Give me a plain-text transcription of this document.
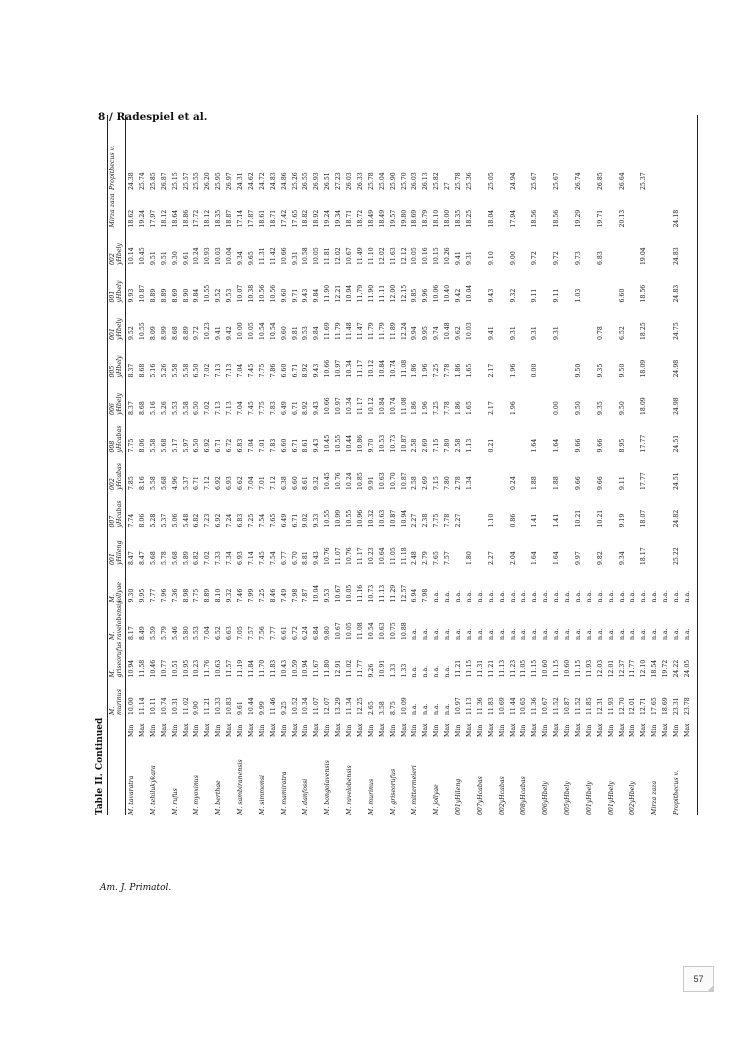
8 / Radespiel et al.
Table II. Continued
M. murinus
M. griseorufus
M. ravelobensis
M. jollyae
001 yHileng
007 yHcabas
002 yHcabas
008 yHcabas
006 yHbely
005 yHbely
001 yHbely
001 yHbely
002 yHbely
Mirza zaza
Propithecus v.
M. tavaratra
Min
10.00
10.94
8.17
9.30
8.47
7.74
7.85
7.75
8.37
8.37
9.52
9.93
10.14
18.62
24.38
Max
11.14
11.58
8.49
9.95
8.47
8.06
8.16
8.06
8.68
8.68
10.55
10.87
10.45
19.24
25.74
M. tehilukykara
Min
10.11
10.46
5.59
7.77
5.68
5.28
5.58
5.58
5.16
5.16
8.09
8.89
9.51
17.97
25.85
Max
10.74
10.77
5.79
7.96
5.78
5.37
5.68
5.68
5.26
5.26
8.99
8.89
9.51
18.12
26.87
M. rufus
Min
10.31
10.51
5.46
7.36
5.68
5.06
4.96
5.17
5.53
5.58
8.68
8.69
9.30
18.64
25.15
Max
11.02
10.95
5.80
8.98
5.89
5.48
5.37
5.97
5.58
5.58
8.89
8.90
9.61
18.86
25.57
M. myoxinus
Min
9.90
10.23
5.53
7.75
6.82
6.82
6.71
6.50
6.50
6.50
9.72
9.84
10.24
17.72
25.55
Max
11.21
11.76
7.04
8.89
7.02
7.23
7.12
6.92
7.02
7.02
10.23
10.55
10.93
18.12
26.20
M. berthae
Min
10.33
10.63
6.52
8.10
7.33
6.92
6.92
6.71
7.13
7.13
9.41
9.52
10.03
18.35
25.95
Max
10.83
11.57
6.63
9.32
7.34
7.24
6.93
6.72
7.13
7.13
9.42
9.53
10.04
18.87
26.97
M. sambiranensis
Min
9.61
11.19
7.05
7.46
6.93
6.83
6.62
6.83
7.04
7.04
10.00
10.07
9.34
17.14
24.31
Max
10.44
11.84
7.57
7.99
7.14
7.25
7.04
7.04
7.45
7.45
10.05
10.38
9.65
17.87
24.62
M. simmonsi
Min
9.99
11.70
7.56
7.25
7.45
7.54
7.01
7.01
7.75
7.75
10.54
10.56
11.31
18.61
24.72
Max
11.46
11.83
7.77
8.46
7.54
7.65
7.12
7.83
7.83
7.86
10.54
10.56
11.42
18.71
24.83
M. mamiratra
Min
9.25
10.43
6.61
7.49
6.77
6.49
6.38
6.60
6.49
6.60
9.60
9.60
10.66
17.42
24.86
Max
10.52
10.59
6.72
7.98
6.70
6.71
6.60
6.71
6.71
6.71
9.81
9.71
9.31
17.65
25.26
M. danfossi
Min
10.34
10.94
6.24
7.87
8.81
9.02
8.61
8.61
8.92
8.92
9.53
9.43
10.58
18.82
26.55
Max
11.07
11.67
6.84
10.04
9.43
9.33
9.32
9.43
9.43
9.43
9.84
9.84
10.05
18.92
26.93
M. bongolavensis
Min
12.07
11.80
9.80
9.53
10.76
10.55
10.45
10.45
10.66
10.66
11.69
11.90
11.81
19.24
26.51
Max
13.29
12.91
10.67
10.67
11.07
10.99
10.76
10.55
10.97
10.97
11.79
12.21
12.02
19.34
27.23
M. ravelobensis
Min
11.34
11.02
10.05
10.05
10.76
10.55
10.24
10.44
10.34
10.34
11.48
10.94
10.67
18.71
26.03
Max
12.25
11.77
11.08
11.16
11.17
10.96
10.85
10.86
11.17
11.17
11.47
11.79
11.49
18.72
26.33
M. murinus
Min
2.65
9.26
10.54
10.73
10.23
10.32
9.91
9.70
10.12
10.12
11.79
11.90
11.10
18.49
25.78
Max
3.58
10.91
10.63
11.13
10.64
10.63
10.63
10.53
10.84
10.84
11.79
11.11
12.02
18.49
25.04
M. griseorufus
Min
8.75
1.33
10.75
11.29
11.05
10.87
10.70
10.73
10.74
10.74
11.89
12.00
11.63
19.57
25.90
Max
10.09
1.33
10.88
12.57
11.18
10.94
10.87
10.87
11.08
11.08
12.24
12.15
12.12
19.80
25.70
M. mittermeieri
Min
n.a.
n.a.
n.a.
6.94
2.48
2.27
2.58
2.58
1.86
1.86
9.94
9.85
10.05
18.69
26.03
Max
n.a.
n.a.
n.a.
7.98
2.79
2.38
2.69
2.69
1.96
1.96
9.95
9.96
10.16
18.79
26.13
M. jollyae
Min
n.a.
n.a.
n.a.
n.a.
7.65
7.75
7.15
7.15
7.25
7.25
9.74
10.06
10.15
18.10
25.82
Max
n.a.
n.a.
n.a.
n.a.
7.57
7.78
7.80
7.80
7.78
7.78
10.48
10.40
10.26
18.00
27
001yHileng
Min
10.97
11.21
n.a.
n.a.
2.27
2.78
2.58
1.86
1.86
9.62
9.42
9.41
18.35
25.78
Max
11.13
11.15
n.a.
n.a.
1.80
1.34
1.13
1.65
1.65
10.03
10.04
9.31
18.25
25.36
007yHcabas
Min
11.36
11.31
n.a.
n.a.
Max
11.83
11.21
n.a.
n.a.
2.27
1.10
0.21
2.17
2.17
9.41
9.43
9.10
18.04
25.05
002yHcabas
Min
10.69
11.13
n.a.
n.a.
Max
11.44
11.23
n.a.
n.a.
2.04
0.86
0.24
1.96
1.96
9.31
9.32
9.00
17.94
24.94
008yHcabas
Min
10.65
11.05
n.a.
n.a.
Max
11.36
11.15
n.a.
n.a.
1.64
1.41
1.88
1.64
0.00
9.31
9.11
9.72
18.56
25.67
006yHbely
Min
10.67
10.60
n.a.
n.a.
Max
11.52
11.15
n.a.
n.a.
1.64
1.41
1.88
1.64
0.00
9.31
9.11
9.72
18.56
25.67
005yHbely
Min
10.87
10.60
n.a.
n.a.
Max
11.52
11.15
n.a.
n.a.
9.97
10.21
9.66
9.66
9.50
9.50
1.03
9.73
19.29
26.74
001yHbely
Min
11.85
11.93
n.a.
n.a.
Max
12.31
12.03
n.a.
n.a.
9.82
10.21
9.66
9.66
9.35
9.35
0.78
6.83
19.71
26.85
001yHbely
Min
11.93
12.01
n.a.
n.a.
Max
12.70
12.37
n.a.
n.a.
9.34
9.19
9.11
8.95
9.50
9.50
6.52
6.60
20.13
26.64
002yHbely
Min
12.01
11.77
n.a.
n.a.
Max
12.71
12.10
n.a.
n.a.
18.17
18.07
17.77
17.77
18.09
18.09
18.25
18.56
19.04
25.37
Mirza zaza
Min
17.65
18.54
n.a.
n.a.
Max
18.69
19.72
n.a.
n.a.
Propithecus v.
Min
23.31
24.22
n.a.
n.a.
25.22
24.82
24.51
24.51
24.98
24.98
24.75
24.83
24.83
24.18
Max
23.78
24.05
n.a.
n.a.
Am. J. Primatol.
57
